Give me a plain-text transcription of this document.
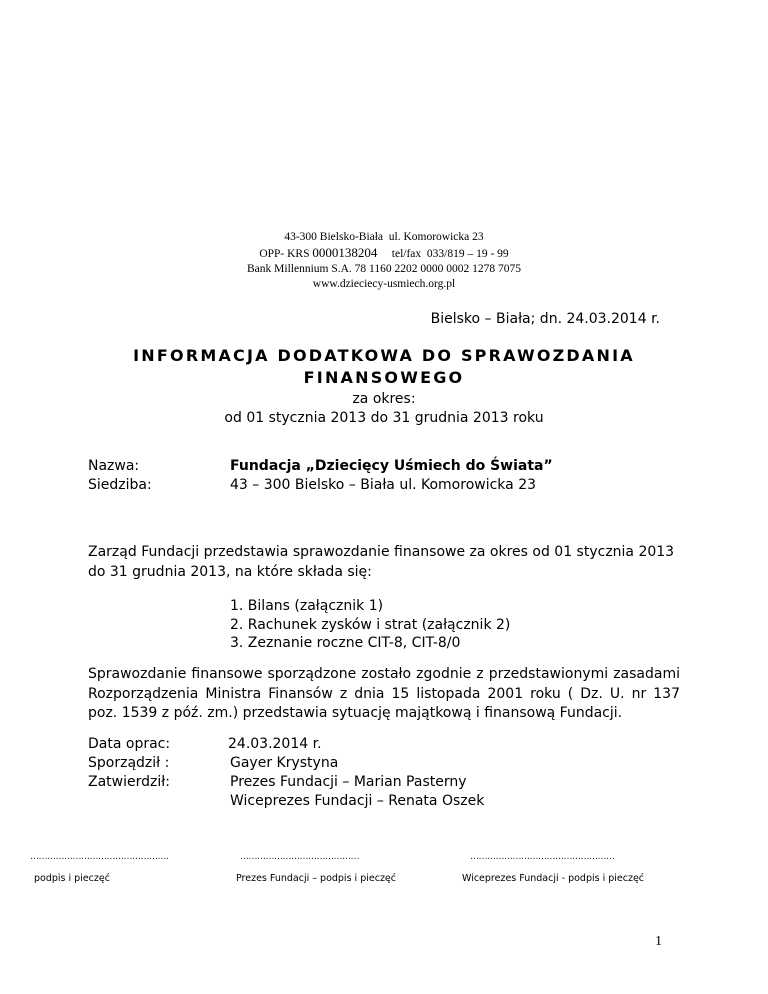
43-300 Bielsko-Biała  ul. Komorowicka 23
OPP- KRS 0000138204     tel/fax  033/819 – 19 - 99
Bank Millennium S.A. 78 1160 2202 0000 0002 1278 7075
www.dzieciecy-usmiech.org.pl
Bielsko – Biała; dn. 24.03.2014 r.
INFORMACJA DODATKOWA DO SPRAWOZDANIA
FINANSOWEGO
za okres:
od 01 stycznia 2013 do 31 grudnia 2013 roku
Nazwa:	Fundacja „Dziecięcy Uśmiech do Świata”
Siedziba:	43 – 300 Bielsko – Biała ul. Komorowicka 23
Zarząd Fundacji przedstawia sprawozdanie finansowe za okres od 01 stycznia 2013 do 31 grudnia 2013, na które składa się:
1. Bilans (załącznik 1)
2. Rachunek zysków i strat (załącznik 2)
3. Zeznanie roczne CIT-8, CIT-8/0
Sprawozdanie finansowe sporządzone zostało zgodnie z przedstawionymi zasadami Rozporządzenia Ministra Finansów z dnia 15 listopada 2001 roku ( Dz. U. nr 137 poz. 1539 z póź. zm.) przedstawia sytuację majątkową i finansową Fundacji.
Data oprac:	24.03.2014 r.
Sporządził :	Gayer Krystyna
Zatwierdził:	Prezes Fundacji – Marian Pasterny
Wiceprezes Fundacji – Renata Oszek
………………………………………….
podpis i pieczęć
……………………………………
Prezes Fundacji – podpis i pieczęć
……………………………………………
Wiceprezes Fundacji - podpis i pieczęć
1
